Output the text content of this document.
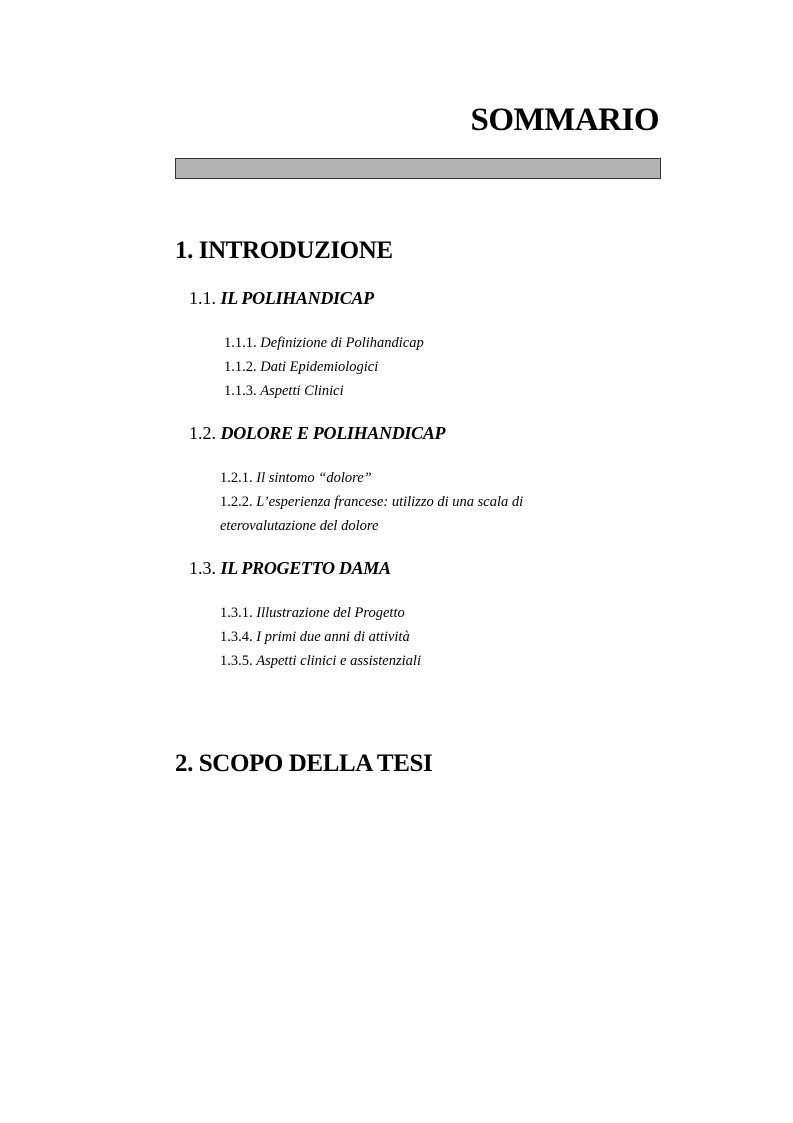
SOMMARIO
1. INTRODUZIONE

1.1. IL POLIHANDICAP

1.1.1. Definizione di Polihandicap

1.1.2. Dati Epidemiologici

1.1.3. Aspetti Clinici

1.2. DOLORE E POLIHANDICAP

1.2.1. Il sintomo “dolore”

1.2.2. L’esperienza francese: utilizzo di una scala di

eterovalutazione del dolore

1.3. IL PROGETTO DAMA

1.3.1. Illustrazione del Progetto

1.3.4. I primi due anni di attività

1.3.5. Aspetti clinici e assistenziali

2. SCOPO DELLA TESI
